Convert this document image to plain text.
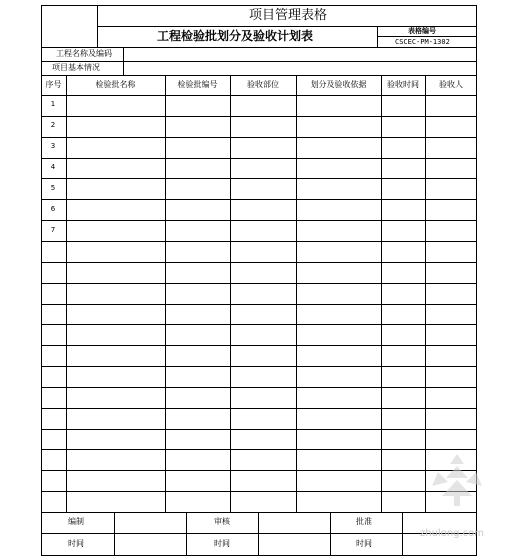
项目管理表格
工程检验批划分及验收计划表	表格编号
CSCEC-PM-1302
工程名称及编码
项目基本情况
序号	检验批名称	检验批编号	验收部位	划分及验收依据	验收时间	验收人
1
2
3
4
5
6
7
编制	审核	批准
时间	时间	时间
zhulong.com
